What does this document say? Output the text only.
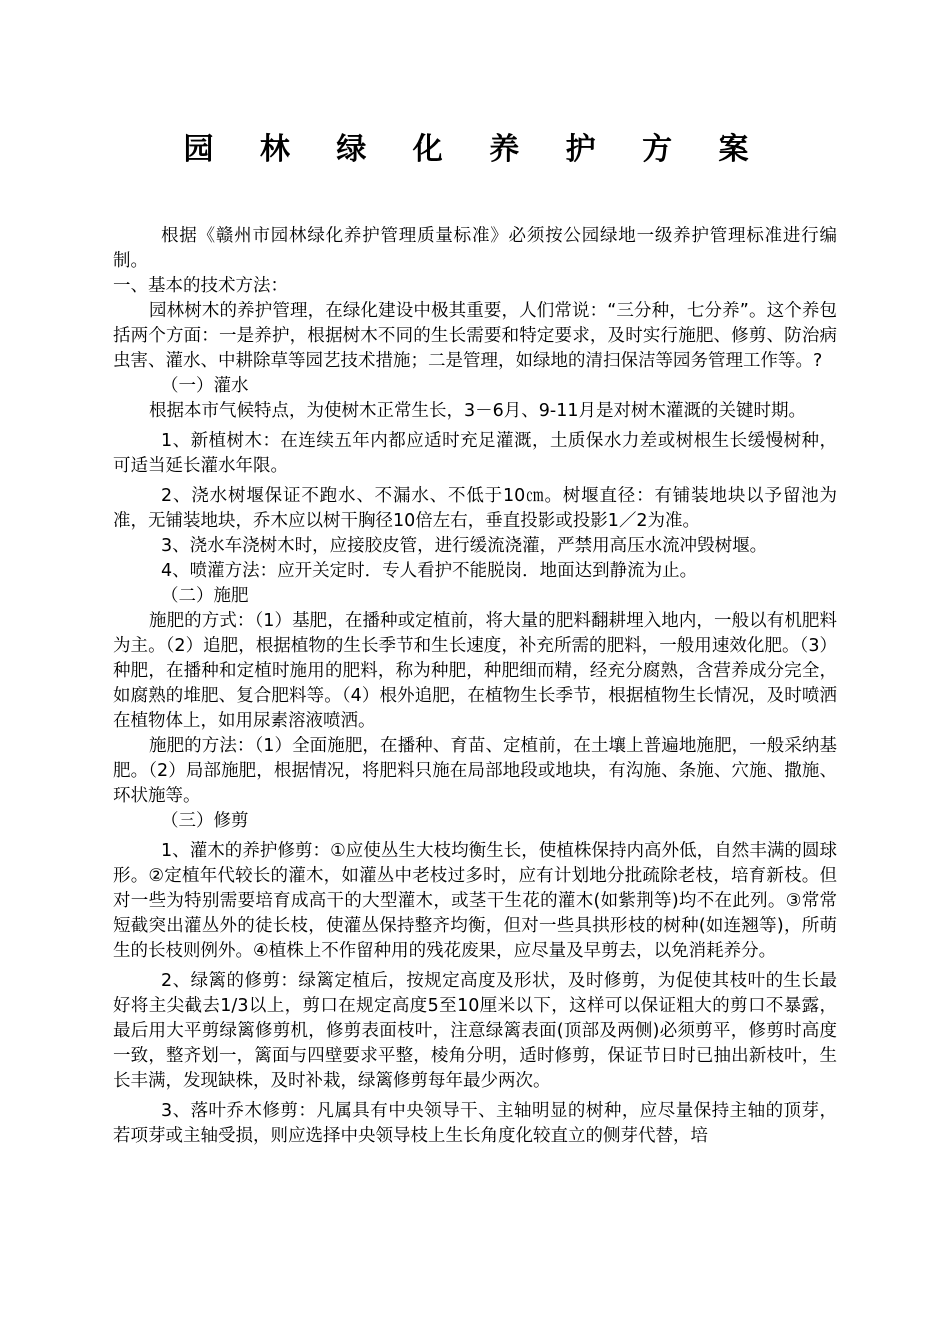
园 林 绿 化 养 护 方 案

根据《赣州市园林绿化养护管理质量标准》必须按公园绿地一级养护管理标准进行编制。

一、基本的技术方法：

园林树木的养护管理，在绿化建设中极其重要，人们常说：“三分种，七分养”。这个养包括两个方面：一是养护，根据树木不同的生长需要和特定要求，及时实行施肥、修剪、防治病虫害、灌水、中耕除草等园艺技术措施；二是管理，如绿地的清扫保洁等园务管理工作等。?

（一）灌水

根据本市气候特点，为使树木正常生长，3－6月、9-11月是对树木灌溉的关键时期。

1、新植树木：在连续五年内都应适时充足灌溉，土质保水力差或树根生长缓慢树种，可适当延长灌水年限。

2、浇水树堰保证不跑水、不漏水、不低于10㎝。树堰直径：有铺装地块以予留池为准，无铺装地块，乔木应以树干胸径10倍左右，垂直投影或投影1／2为准。

3、浇水车浇树木时，应接胶皮管，进行缓流浇灌，严禁用高压水流冲毁树堰。

4、喷灌方法：应开关定时．专人看护不能脱岗．地面达到静流为止。

（二）施肥

施肥的方式：（1）基肥，在播种或定植前，将大量的肥料翻耕埋入地内，一般以有机肥料为主。（2）追肥，根据植物的生长季节和生长速度，补充所需的肥料，一般用速效化肥。（3）种肥，在播种和定植时施用的肥料，称为种肥，种肥细而精，经充分腐熟，含营养成分完全，如腐熟的堆肥、复合肥料等。（4）根外追肥，在植物生长季节，根据植物生长情况，及时喷洒在植物体上，如用尿素溶液喷洒。

施肥的方法：（1）全面施肥，在播种、育苗、定植前，在土壤上普遍地施肥，一般采纳基肥。（2）局部施肥，根据情况，将肥料只施在局部地段或地块，有沟施、条施、穴施、撒施、环状施等。

（三）修剪

1、灌木的养护修剪：①应使丛生大枝均衡生长，使植株保持内高外低，自然丰满的圆球形。②定植年代较长的灌木，如灌丛中老枝过多时，应有计划地分批疏除老枝，培育新枝。但对一些为特别需要培育成高干的大型灌木，或茎干生花的灌木(如紫荆等)均不在此列。③常常短截突出灌丛外的徒长枝，使灌丛保持整齐均衡，但对一些具拱形枝的树种(如连翘等)，所萌生的长枝则例外。④植株上不作留种用的残花废果，应尽量及早剪去，以免消耗养分。

2、绿篱的修剪：绿篱定植后，按规定高度及形状，及时修剪，为促使其枝叶的生长最好将主尖截去1/3以上，剪口在规定高度5至10厘米以下，这样可以保证粗大的剪口不暴露，最后用大平剪绿篱修剪机，修剪表面枝叶，注意绿篱表面(顶部及两侧)必须剪平，修剪时高度一致，整齐划一，篱面与四壁要求平整，棱角分明，适时修剪，保证节日时已抽出新枝叶，生长丰满，发现缺株，及时补栽，绿篱修剪每年最少两次。

3、落叶乔木修剪：凡属具有中央领导干、主轴明显的树种，应尽量保持主轴的顶芽，若项芽或主轴受损，则应选择中央领导枝上生长角度化较直立的侧芽代替，培
